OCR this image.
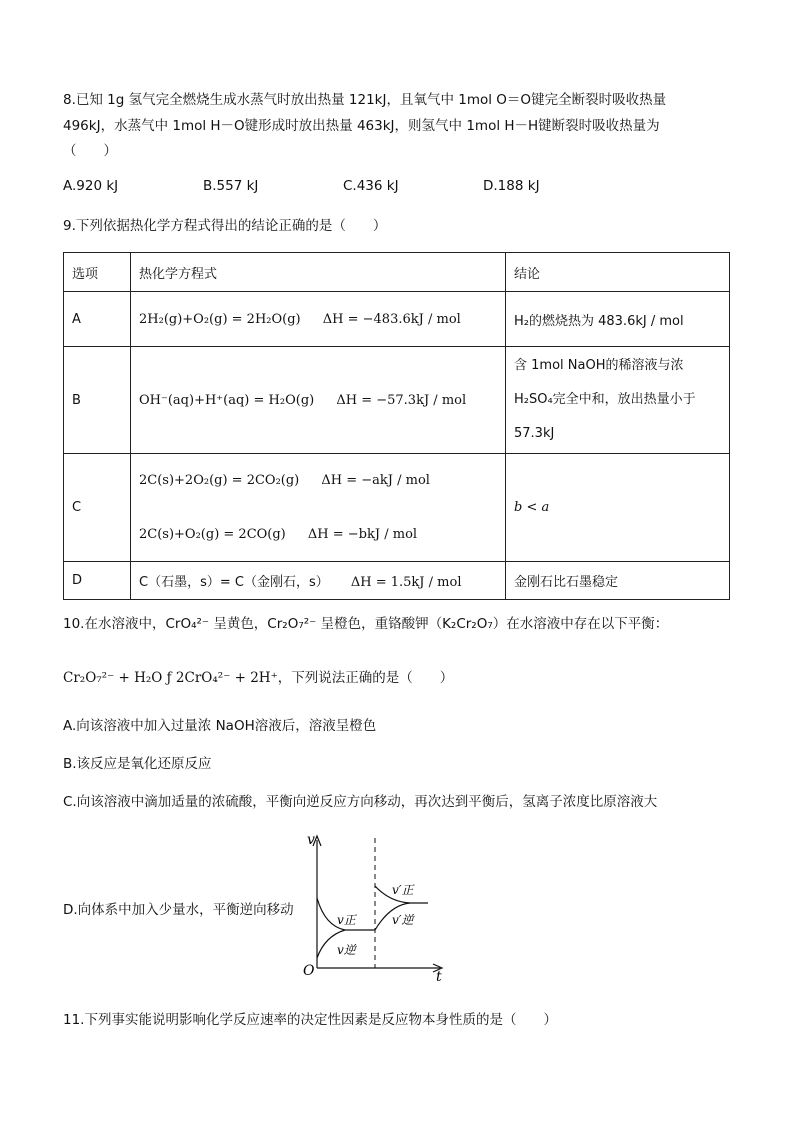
8.已知 1g 氢气完全燃烧生成水蒸气时放出热量 121kJ，且氧气中 1mol O＝O键完全断裂时吸收热量
496kJ，水蒸气中 1mol H－O键形成时放出热量 463kJ，则氢气中 1mol H－H键断裂时吸收热量为
（　　）
A.920 kJ	B.557 kJ	C.436 kJ	D.188 kJ
9.下列依据热化学方程式得出的结论正确的是（　　）
选项	热化学方程式	结论
A	2H₂(g)+O₂(g) = 2H₂O(g) ΔH = −483.6kJ / mol	H₂的燃烧热为 483.6kJ / mol
B	OH⁻(aq)+H⁺(aq) = H₂O(g) ΔH = −57.3kJ / mol	含 1mol NaOH的稀溶液与浓
H₂SO₄完全中和，放出热量小于
57.3kJ

C	2C(s)+2O₂(g) = 2CO₂(g) ΔH = −akJ / mol
2C(s)+O₂(g) = 2CO(g) ΔH = −bkJ / mol	b < a
D	C（石墨，s）= C（金刚石，s） ΔH = 1.5kJ / mol	金刚石比石墨稳定
10.在水溶液中，CrO₄²⁻ 呈黄色，Cr₂O₇²⁻ 呈橙色，重铬酸钾（K₂Cr₂O₇）在水溶液中存在以下平衡：
Cr₂O₇²⁻ + H₂O ƒ 2CrO₄²⁻ + 2H⁺，下列说法正确的是（　　）
A.向该溶液中加入过量浓 NaOH溶液后，溶液呈橙色
B.该反应是氧化还原反应
C.向该溶液中滴加适量的浓硫酸，平衡向逆反应方向移动，再次达到平衡后，氢离子浓度比原溶液大
D.向体系中加入少量水，平衡逆向移动
v
t
O
v正
v逆
v′正
v′逆
11.下列事实能说明影响化学反应速率的决定性因素是反应物本身性质的是（　　）
